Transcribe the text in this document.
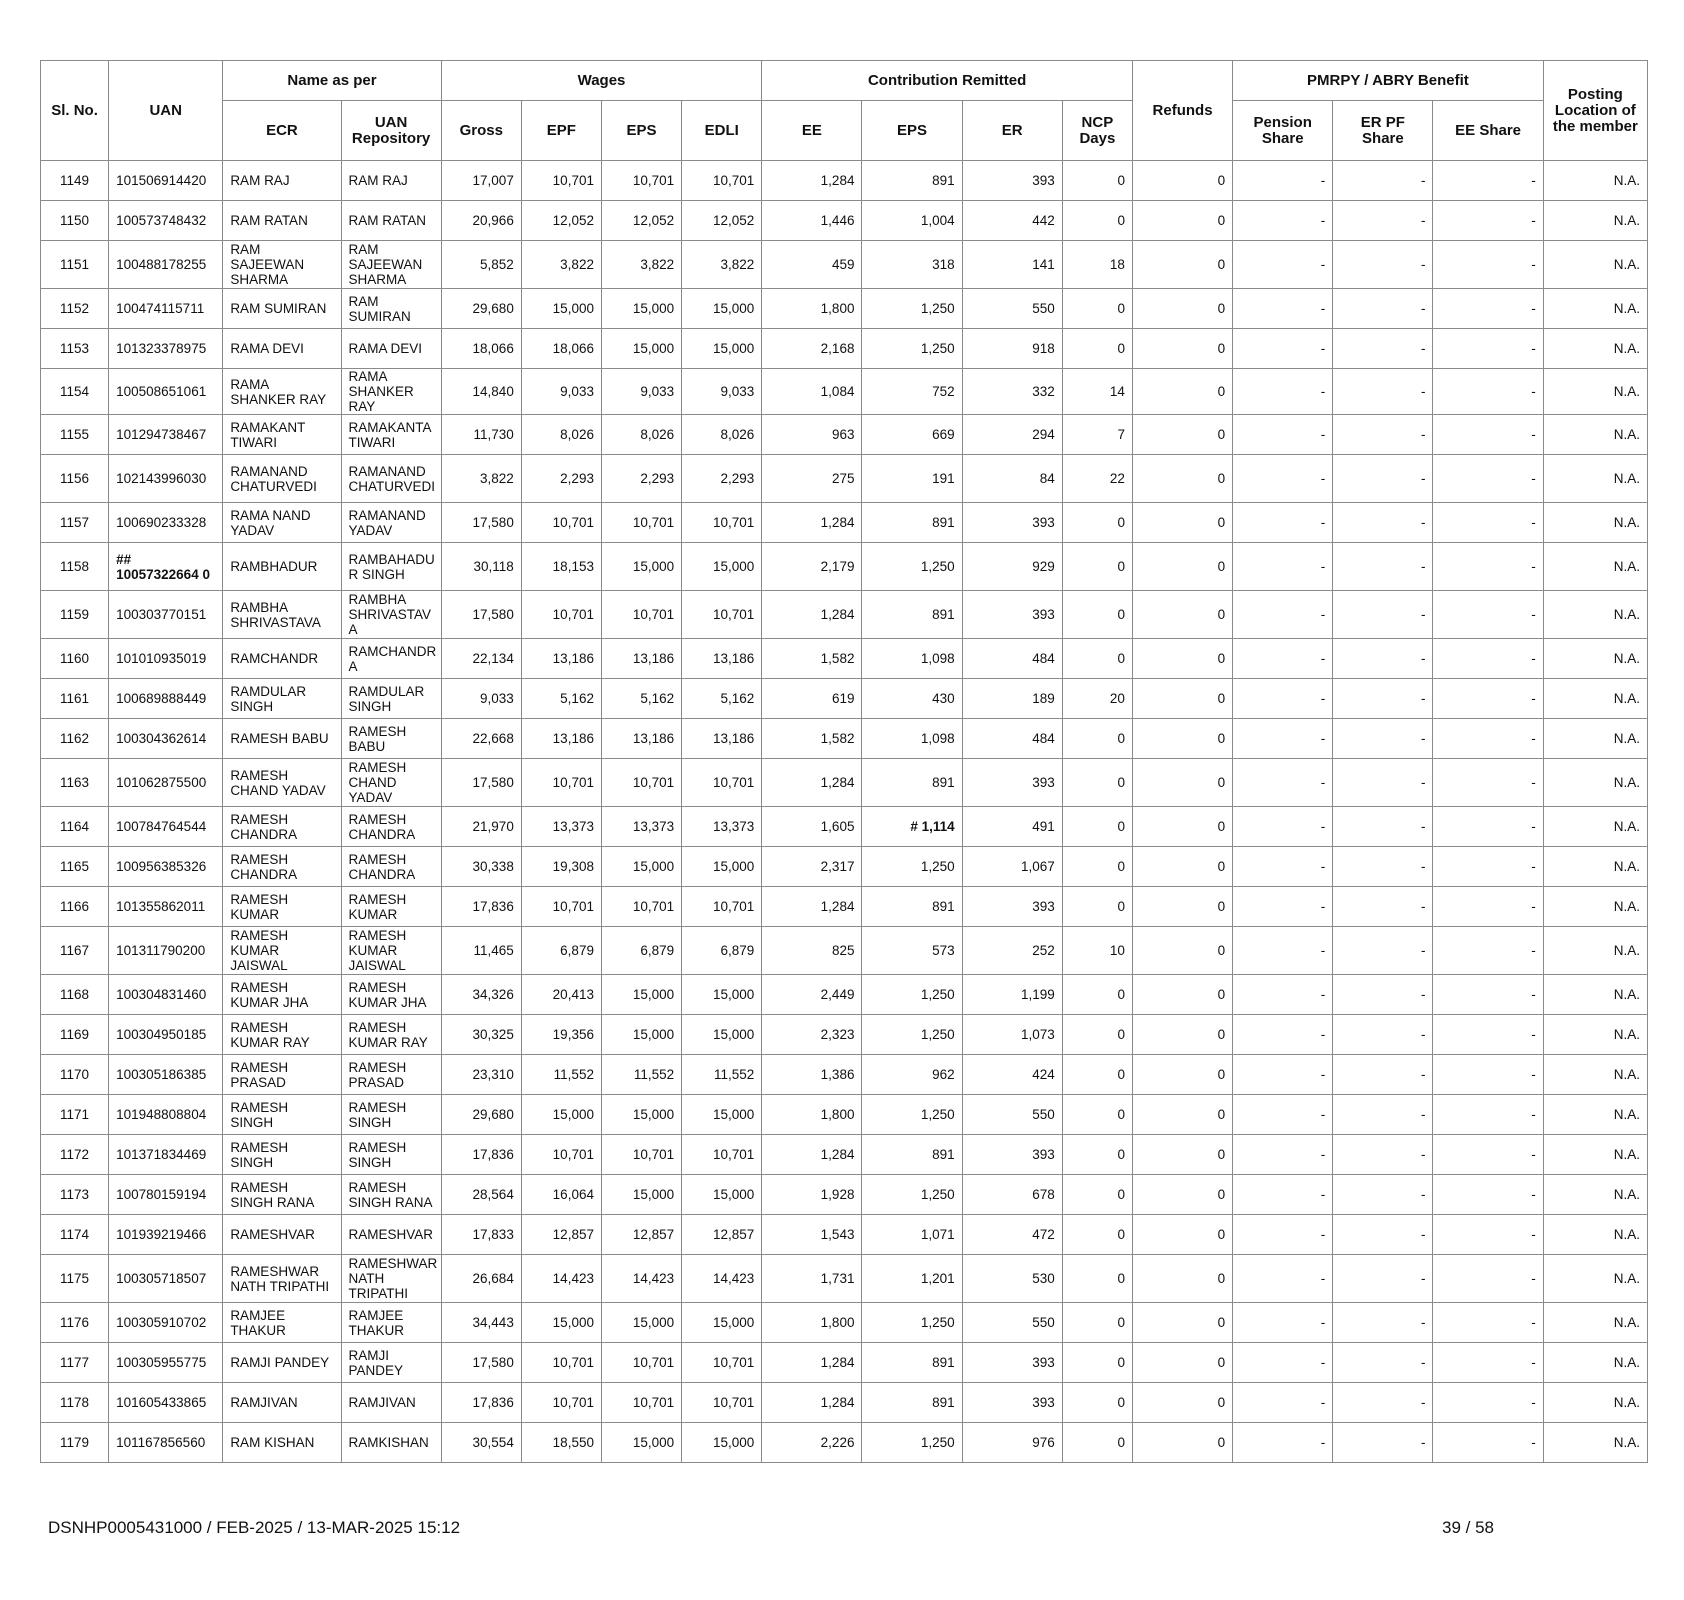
Sl. No.	UAN	Name as per		Wages				Contribution Remitted				Refunds	PMRPY / ABRY Benefit			Posting Location of the member
		ECR	UAN Repository	Gross	EPF	EPS	EDLI	EE	EPS	ER	NCP Days		Pension Share	ER PF Share	EE Share	
1149	101506914420	RAM RAJ	RAM RAJ	17,007	10,701	10,701	10,701	1,284	891	393	0	0	-	-	-	N.A.
1150	100573748432	RAM RATAN	RAM RATAN	20,966	12,052	12,052	12,052	1,446	1,004	442	0	0	-	-	-	N.A.
1151	100488178255	RAM SAJEEWAN SHARMA	RAM SAJEEWAN SHARMA	5,852	3,822	3,822	3,822	459	318	141	18	0	-	-	-	N.A.
1152	100474115711	RAM SUMIRAN	RAM SUMIRAN	29,680	15,000	15,000	15,000	1,800	1,250	550	0	0	-	-	-	N.A.
1153	101323378975	RAMA DEVI	RAMA DEVI	18,066	18,066	15,000	15,000	2,168	1,250	918	0	0	-	-	-	N.A.
1154	100508651061	RAMA SHANKER RAY	RAMA SHANKER RAY	14,840	9,033	9,033	9,033	1,084	752	332	14	0	-	-	-	N.A.
1155	101294738467	RAMAKANT TIWARI	RAMAKANTA TIWARI	11,730	8,026	8,026	8,026	963	669	294	7	0	-	-	-	N.A.
1156	102143996030	RAMANAND CHATURVEDI	RAMANAND CHATURVEDI	3,822	2,293	2,293	2,293	275	191	84	22	0	-	-	-	N.A.
1157	100690233328	RAMA NAND YADAV	RAMANAND YADAV	17,580	10,701	10,701	10,701	1,284	891	393	0	0	-	-	-	N.A.
1158	## 10057322664 0	RAMBHADUR	RAMBAHADU R SINGH	30,118	18,153	15,000	15,000	2,179	1,250	929	0	0	-	-	-	N.A.
1159	100303770151	RAMBHA SHRIVASTAVA	RAMBHA SHRIVASTAV A	17,580	10,701	10,701	10,701	1,284	891	393	0	0	-	-	-	N.A.
1160	101010935019	RAMCHANDR	RAMCHANDR A	22,134	13,186	13,186	13,186	1,582	1,098	484	0	0	-	-	-	N.A.
1161	100689888449	RAMDULAR SINGH	RAMDULAR SINGH	9,033	5,162	5,162	5,162	619	430	189	20	0	-	-	-	N.A.
1162	100304362614	RAMESH BABU	RAMESH BABU	22,668	13,186	13,186	13,186	1,582	1,098	484	0	0	-	-	-	N.A.
1163	101062875500	RAMESH CHAND YADAV	RAMESH CHAND YADAV	17,580	10,701	10,701	10,701	1,284	891	393	0	0	-	-	-	N.A.
1164	100784764544	RAMESH CHANDRA	RAMESH CHANDRA	21,970	13,373	13,373	13,373	1,605	# 1,114	491	0	0	-	-	-	N.A.
1165	100956385326	RAMESH CHANDRA	RAMESH CHANDRA	30,338	19,308	15,000	15,000	2,317	1,250	1,067	0	0	-	-	-	N.A.
1166	101355862011	RAMESH KUMAR	RAMESH KUMAR	17,836	10,701	10,701	10,701	1,284	891	393	0	0	-	-	-	N.A.
1167	101311790200	RAMESH KUMAR JAISWAL	RAMESH KUMAR JAISWAL	11,465	6,879	6,879	6,879	825	573	252	10	0	-	-	-	N.A.
1168	100304831460	RAMESH KUMAR JHA	RAMESH KUMAR JHA	34,326	20,413	15,000	15,000	2,449	1,250	1,199	0	0	-	-	-	N.A.
1169	100304950185	RAMESH KUMAR RAY	RAMESH KUMAR RAY	30,325	19,356	15,000	15,000	2,323	1,250	1,073	0	0	-	-	-	N.A.
1170	100305186385	RAMESH PRASAD	RAMESH PRASAD	23,310	11,552	11,552	11,552	1,386	962	424	0	0	-	-	-	N.A.
1171	101948808804	RAMESH SINGH	RAMESH SINGH	29,680	15,000	15,000	15,000	1,800	1,250	550	0	0	-	-	-	N.A.
1172	101371834469	RAMESH SINGH	RAMESH SINGH	17,836	10,701	10,701	10,701	1,284	891	393	0	0	-	-	-	N.A.
1173	100780159194	RAMESH SINGH RANA	RAMESH SINGH RANA	28,564	16,064	15,000	15,000	1,928	1,250	678	0	0	-	-	-	N.A.
1174	101939219466	RAMESHVAR	RAMESHVAR	17,833	12,857	12,857	12,857	1,543	1,071	472	0	0	-	-	-	N.A.
1175	100305718507	RAMESHWAR NATH TRIPATHI	RAMESHWAR NATH TRIPATHI	26,684	14,423	14,423	14,423	1,731	1,201	530	0	0	-	-	-	N.A.
1176	100305910702	RAMJEE THAKUR	RAMJEE THAKUR	34,443	15,000	15,000	15,000	1,800	1,250	550	0	0	-	-	-	N.A.
1177	100305955775	RAMJI PANDEY	RAMJI PANDEY	17,580	10,701	10,701	10,701	1,284	891	393	0	0	-	-	-	N.A.
1178	101605433865	RAMJIVAN	RAMJIVAN	17,836	10,701	10,701	10,701	1,284	891	393	0	0	-	-	-	N.A.
1179	101167856560	RAM KISHAN	RAMKISHAN	30,554	18,550	15,000	15,000	2,226	1,250	976	0	0	-	-	-	N.A.
DSNHP0005431000 / FEB-2025 / 13-MAR-2025 15:12	39 / 58
